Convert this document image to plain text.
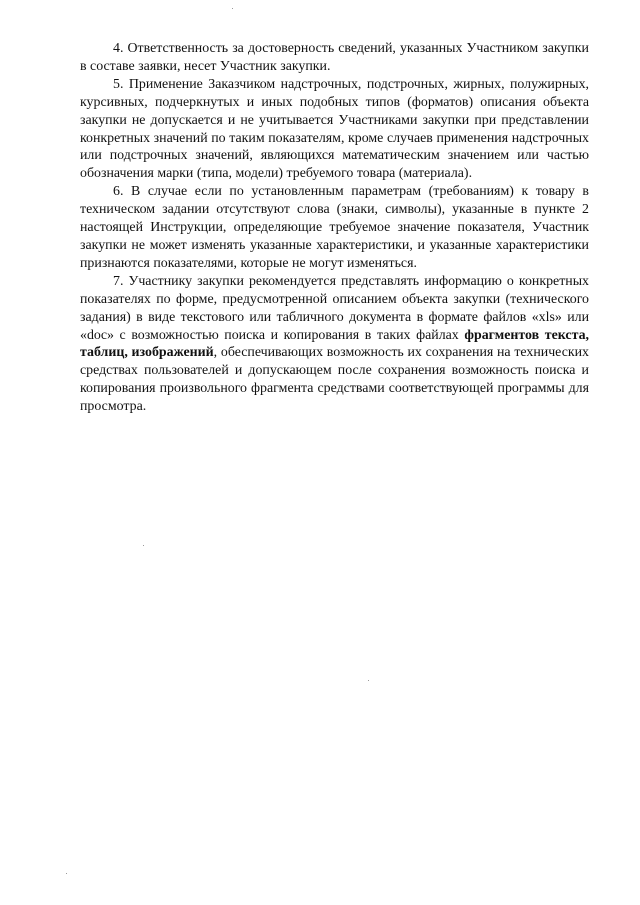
4. Ответственность за достоверность сведений, указанных Участником закупки в составе заявки, несет Участник закупки.

5. Применение Заказчиком надстрочных, подстрочных, жирных, полужирных, курсивных, подчеркнутых и иных подобных типов (форматов) описания объекта закупки не допускается и не учитывается Участниками закупки при представлении конкретных значений по таким показателям, кроме случаев применения надстрочных или подстрочных значений, являющихся математическим значением или частью обозначения марки (типа, модели) требуемого товара (материала).

6. В случае если по установленным параметрам (требованиям) к товару в техническом задании отсутствуют слова (знаки, символы), указанные в пункте 2 настоящей Инструкции, определяющие требуемое значение показателя, Участник закупки не может изменять указанные характеристики, и указанные характеристики признаются показателями, которые не могут изменяться.

7. Участнику закупки рекомендуется представлять информацию о конкретных показателях по форме, предусмотренной описанием объекта закупки (технического задания) в виде текстового или табличного документа в формате файлов «xls» или «doc» с возможностью поиска и копирования в таких файлах фрагментов текста, таблиц, изображений, обеспечивающих возможность их сохранения на технических средствах пользователей и допускающем после сохранения возможность поиска и копирования произвольного фрагмента средствами соответствующей программы для просмотра.
